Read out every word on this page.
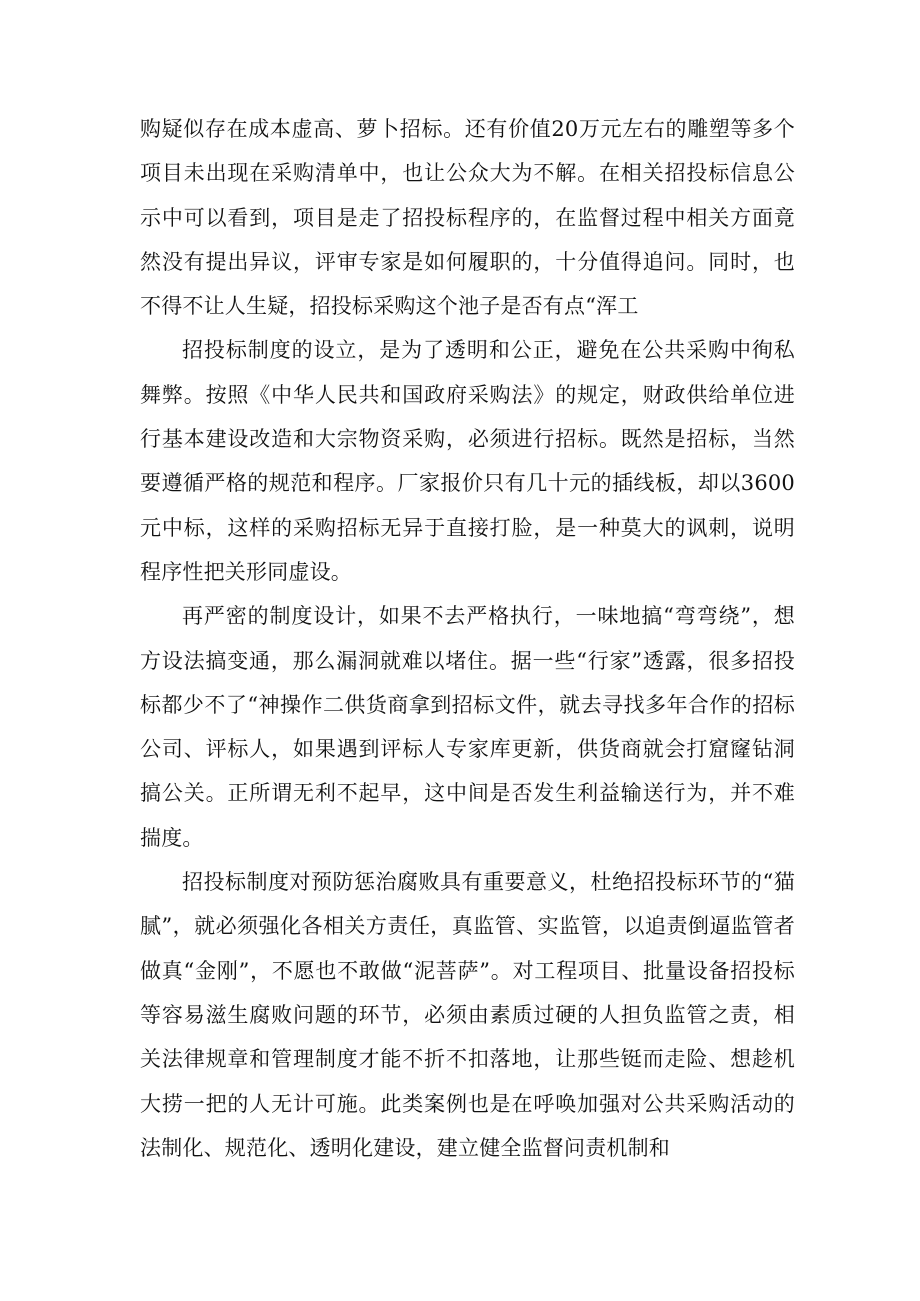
购疑似存在成本虚高、萝卜招标。还有价值20万元左右的雕塑等多个项目未出现在采购清单中，也让公众大为不解。在相关招投标信息公示中可以看到，项目是走了招投标程序的，在监督过程中相关方面竟然没有提出异议，评审专家是如何履职的，十分值得追问。同时，也不得不让人生疑，招投标采购这个池子是否有点“浑工

招投标制度的设立，是为了透明和公正，避免在公共采购中徇私舞弊。按照《中华人民共和国政府采购法》的规定，财政供给单位进行基本建设改造和大宗物资采购，必须进行招标。既然是招标，当然要遵循严格的规范和程序。厂家报价只有几十元的插线板，却以3600元中标，这样的采购招标无异于直接打脸，是一种莫大的讽刺，说明程序性把关形同虚设。

再严密的制度设计，如果不去严格执行，一味地搞“弯弯绕”，想方设法搞变通，那么漏洞就难以堵住。据一些“行家”透露，很多招投标都少不了“神操作二供货商拿到招标文件，就去寻找多年合作的招标公司、评标人，如果遇到评标人专家库更新，供货商就会打窟窿钻洞搞公关。正所谓无利不起早，这中间是否发生利益输送行为，并不难揣度。

招投标制度对预防惩治腐败具有重要意义，杜绝招投标环节的“猫腻”，就必须强化各相关方责任，真监管、实监管，以追责倒逼监管者做真“金刚”，不愿也不敢做“泥菩萨”。对工程项目、批量设备招投标等容易滋生腐败问题的环节，必须由素质过硬的人担负监管之责，相关法律规章和管理制度才能不折不扣落地，让那些铤而走险、想趁机大捞一把的人无计可施。此类案例也是在呼唤加强对公共采购活动的法制化、规范化、透明化建设，建立健全监督问责机制和
